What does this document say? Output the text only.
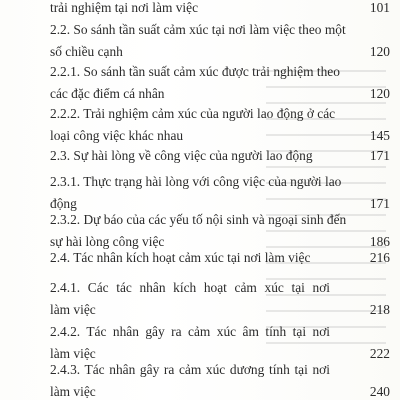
trải nghiệm tại nơi làm việc	101
2.2. So sánh tần suất cảm xúc tại nơi làm việc theo một
số chiều cạnh	120
2.2.1. So sánh tần suất cảm xúc được trải nghiệm theo
các đặc điểm cá nhân	120
2.2.2. Trải nghiệm cảm xúc của người lao động ở các
loại công việc khác nhau	145
2.3. Sự hài lòng về công việc của người lao động	171
2.3.1. Thực trạng hài lòng với công việc của người lao
động	171
2.3.2. Dự báo của các yếu tố nội sinh và ngoại sinh đến
sự hài lòng công việc	186
2.4. Tác nhân kích hoạt cảm xúc tại nơi làm việc	216
2.4.1. Các tác nhân kích hoạt cảm xúc tại nơi
làm việc	218
2.4.2. Tác nhân gây ra cảm xúc âm tính tại nơi
làm việc	222
2.4.3. Tác nhân gây ra cảm xúc dương tính tại nơi
làm việc	240
